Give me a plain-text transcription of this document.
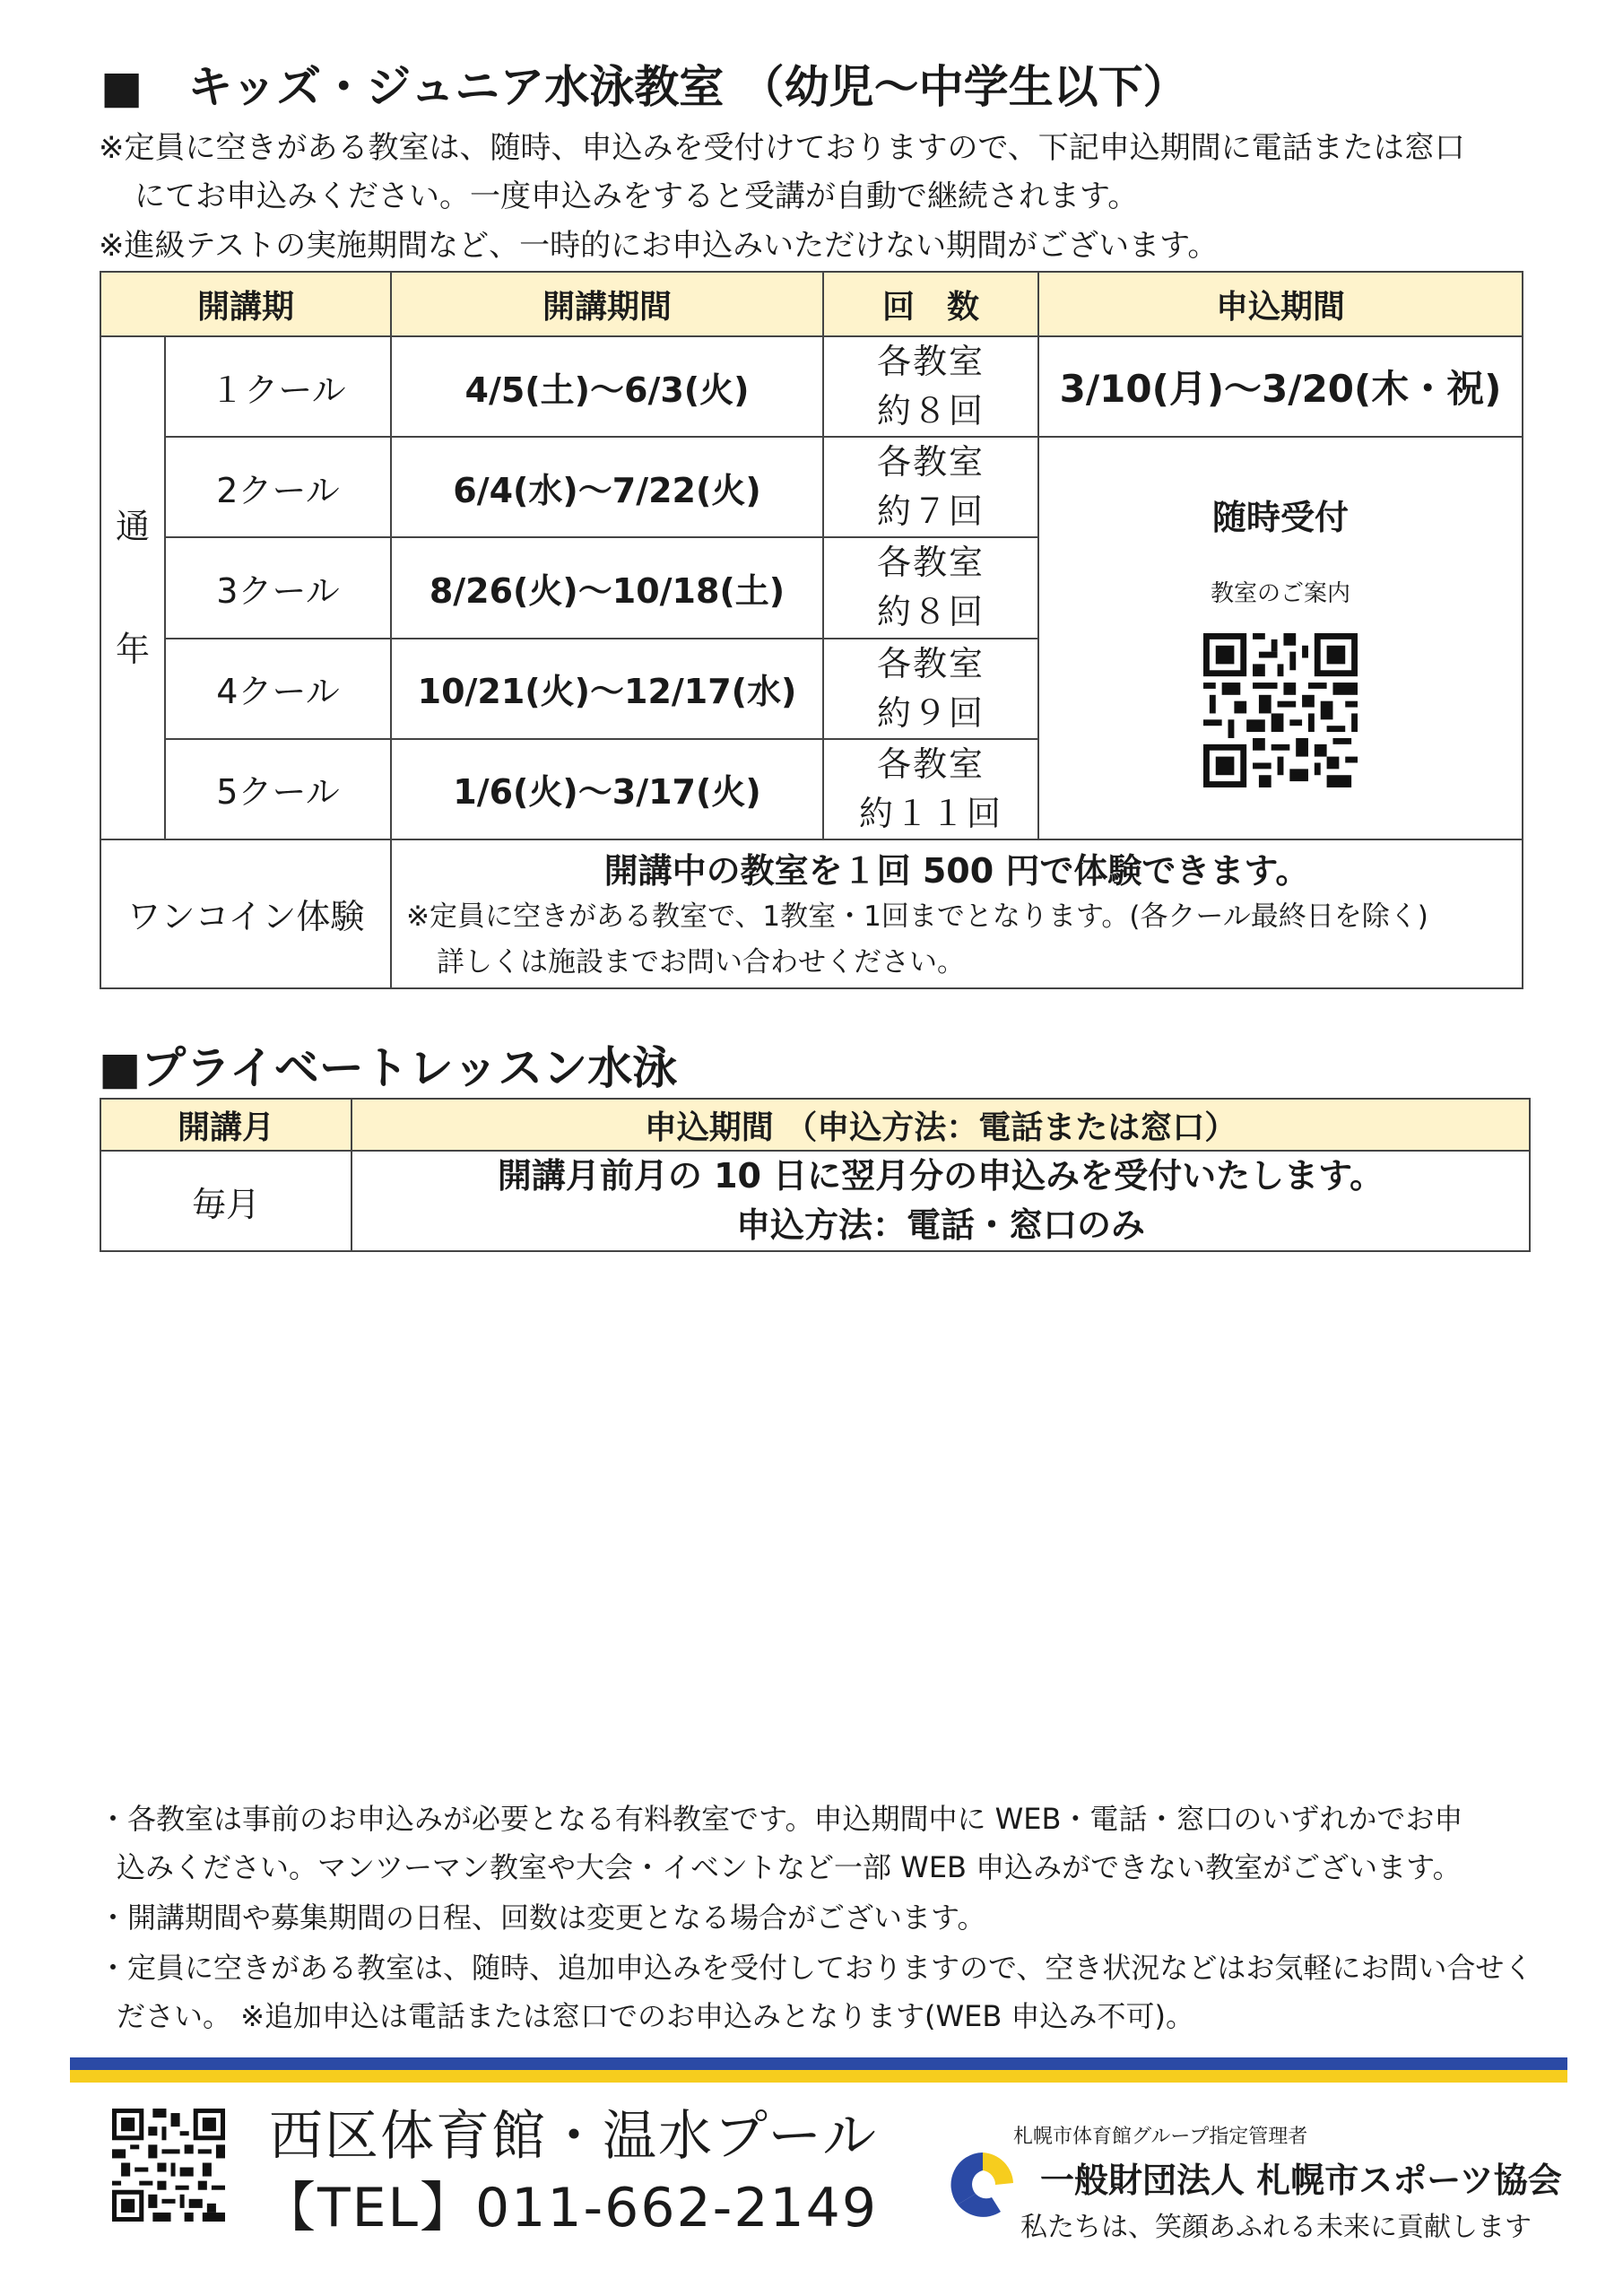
■　キッズ・ジュニア水泳教室 （幼児～中学生以下）
※定員に空きがある教室は、随時、申込みを受付けておりますので、下記申込期間に電話または窓口
にてお申込みください。一度申込みをすると受講が自動で継続されます。
※進級テストの実施期間など、一時的にお申込みいただけない期間がございます。
開講期		開講期間	回　数	申込期間
通

年	１クール	4/5(土)～6/3(火)	各教室
約８回	3/10(月)～3/20(木・祝)
	2クール	6/4(水)～7/22(火)	各教室
約７回	随時受付
教室のご案内

	3クール	8/26(火)～10/18(土)	各教室
約８回	
	4クール	10/21(火)～12/17(水)	各教室
約９回	
	5クール	1/6(火)～3/17(火)	各教室
約１１回	
ワンコイン体験		開講中の教室を１回 500 円で体験できます。
※定員に空きがある教室で、1教室・1回までとなります。(各クール最終日を除く)
詳しくは施設までお問い合わせください。		
■プライベートレッスン水泳
開講月	申込期間 （申込方法：電話または窓口）
毎月	開講月前月の 10 日に翌月分の申込みを受付いたします。
申込方法：電話・窓口のみ
・各教室は事前のお申込みが必要となる有料教室です。申込期間中に WEB・電話・窓口のいずれかでお申
込みください。マンツーマン教室や大会・イベントなど一部 WEB 申込みができない教室がございます。
・開講期間や募集期間の日程、回数は変更となる場合がございます。
・定員に空きがある教室は、随時、追加申込みを受付しておりますので、空き状況などはお気軽にお問い合せく
ださい。 ※追加申込は電話または窓口でのお申込みとなります(WEB 申込み不可)。
西区体育館・温水プール
【TEL】011-662-2149
札幌市体育館グループ指定管理者
一般財団法人 札幌市スポーツ協会
私たちは、笑顔あふれる未来に貢献します
